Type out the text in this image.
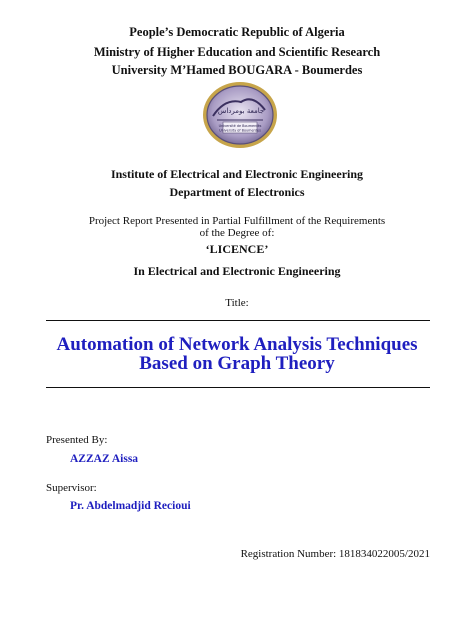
People’s Democratic Republic of Algeria
Ministry of Higher Education and Scientific Research
University M’Hamed BOUGARA - Boumerdes
جامعة بومرداس
Université de Boumerdès
University of Boumerdes
Institute of Electrical and Electronic Engineering
Department of Electronics
Project Report Presented in Partial Fulfillment of the Requirements
of the Degree of:
‘LICENCE’
In Electrical and Electronic Engineering
Title:
Automation of Network Analysis Techniques
Based on Graph Theory
Presented By:
AZZAZ Aissa
Supervisor:
Pr. Abdelmadjid Recioui
Registration Number: 181834022005/2021
